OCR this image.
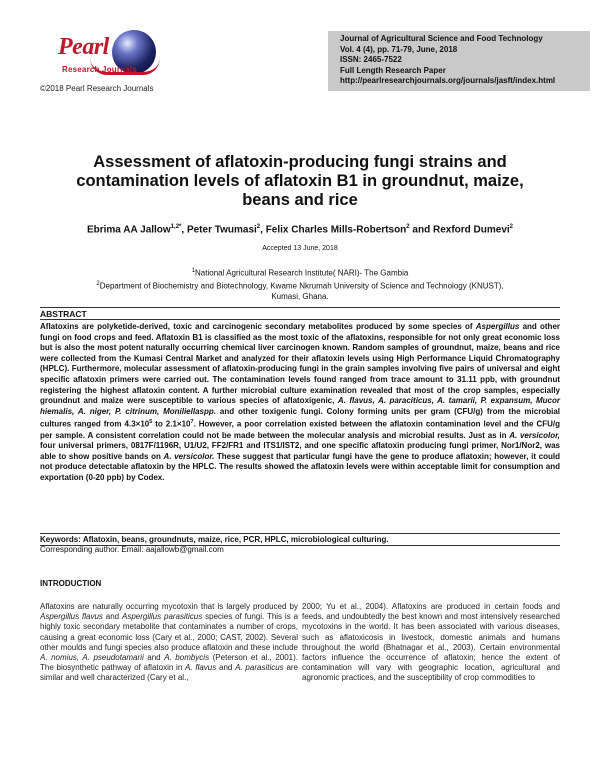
Pearl
Research Journals
©2018 Pearl Research Journals
Journal of Agricultural Science and Food Technology
Vol. 4 (4), pp. 71-79, June, 2018
ISSN: 2465-7522
Full Length Research Paper
http://pearlresearchjournals.org/journals/jasft/index.html
Assessment of aflatoxin-producing fungi strains and
contamination levels of aflatoxin B1 in groundnut, maize,
beans and rice
Ebrima AA Jallow$^{1,2*}$, Peter Twumasi$^2$, Felix Charles Mills-Robertson$^2$ and Rexford Dumevi$^2$
Accepted 13 June, 2018
$^1$National Agricultural Research Institute( NARI)- The Gambia
$^2$Department of Biochemistry and Biotechnology, Kwame Nkrumah University of Science and Technology (KNUST),
Kumasi, Ghana.
ABSTRACT
Aflatoxins are polyketide-derived, toxic and carcinogenic secondary metabolites produced by some species of Aspergillus and other fungi on food crops and feed. Aflatoxin B1 is classified as the most toxic of the aflatoxins, responsible for not only great economic loss but is also the most potent naturally occurring chemical liver carcinogen known. Random samples of groundnut, maize, beans and rice were collected from the Kumasi Central Market and analyzed for their aflatoxin levels using High Performance Liquid Chromatography (HPLC). Furthermore, molecular assessment of aflatoxin-producing fungi in the grain samples involving five pairs of universal and eight specific aflatoxin primers were carried out. The contamination levels found ranged from trace amount to 31.11 ppb, with groundnut registering the highest aflatoxin content. A further microbial culture examination revealed that most of the crop samples, especially groundnut and maize were susceptible to various species of aflatoxigenic, A. flavus, A. paraciticus, A. tamarii, P. expansum, Mucor hiemalis, A. niger, P. citrinum, Moniliellaspp. and other toxigenic fungi. Colony forming units per gram (CFU/g) from the microbial cultures ranged from $4.3\times 10^5$ to $2.1\times 10^7$. However, a poor correlation existed between the aflatoxin contamination level and the CFU/g per sample. A consistent correlation could not be made between the molecular analysis and microbial results. Just as in A. versicolor, four universal primers, 0817F/1196R, U1/U2, FF2/FR1 and ITS1/IST2, and one specific aflatoxin producing fungi primer, Nor1/Nor2, was able to show positive bands on A. versicolor. These suggest that particular fungi have the gene to produce aflatoxin; however, it could not produce detectable aflatoxin by the HPLC. The results showed the aflatoxin levels were within acceptable limit for consumption and exportation (0-20 ppb) by Codex.
Keywords: Aflatoxin, beans, groundnuts, maize, rice, PCR, HPLC, microbiological culturing.
Corresponding author. Email: aajallowb@gmail.com
INTRODUCTION
Aflatoxins are naturally occurring mycotoxin that is largely produced by Aspergillus flavus and Aspergillus parasiticus species of fungi. This is a highly toxic secondary metabolite that contaminates a number of crops, causing a great economic loss (Cary et al., 2000; CAST, 2002). Several other moulds and fungi species also produce aflatoxin and these include A. nomius, A. pseudotamarii and A. bombycis (Peterson et al., 2001). The biosynthetic pathway of aflatoxin in A. flavus and A. parasiticus are similar and well characterized (Cary et al.,
2000; Yu et al., 2004). Aflatoxins are produced in certain foods and feeds, and undoubtedly the best known and most intensively researched mycotoxins in the world. It has been associated with various diseases, such as aflatoxicosis in livestock, domestic animals and humans throughout the world (Bhatnagar et al., 2003). Certain environmental factors influence the occurrence of aflatoxin; hence the extent of contamination will vary with geographic location, agricultural and agronomic practices, and the susceptibility of crop commodities to
